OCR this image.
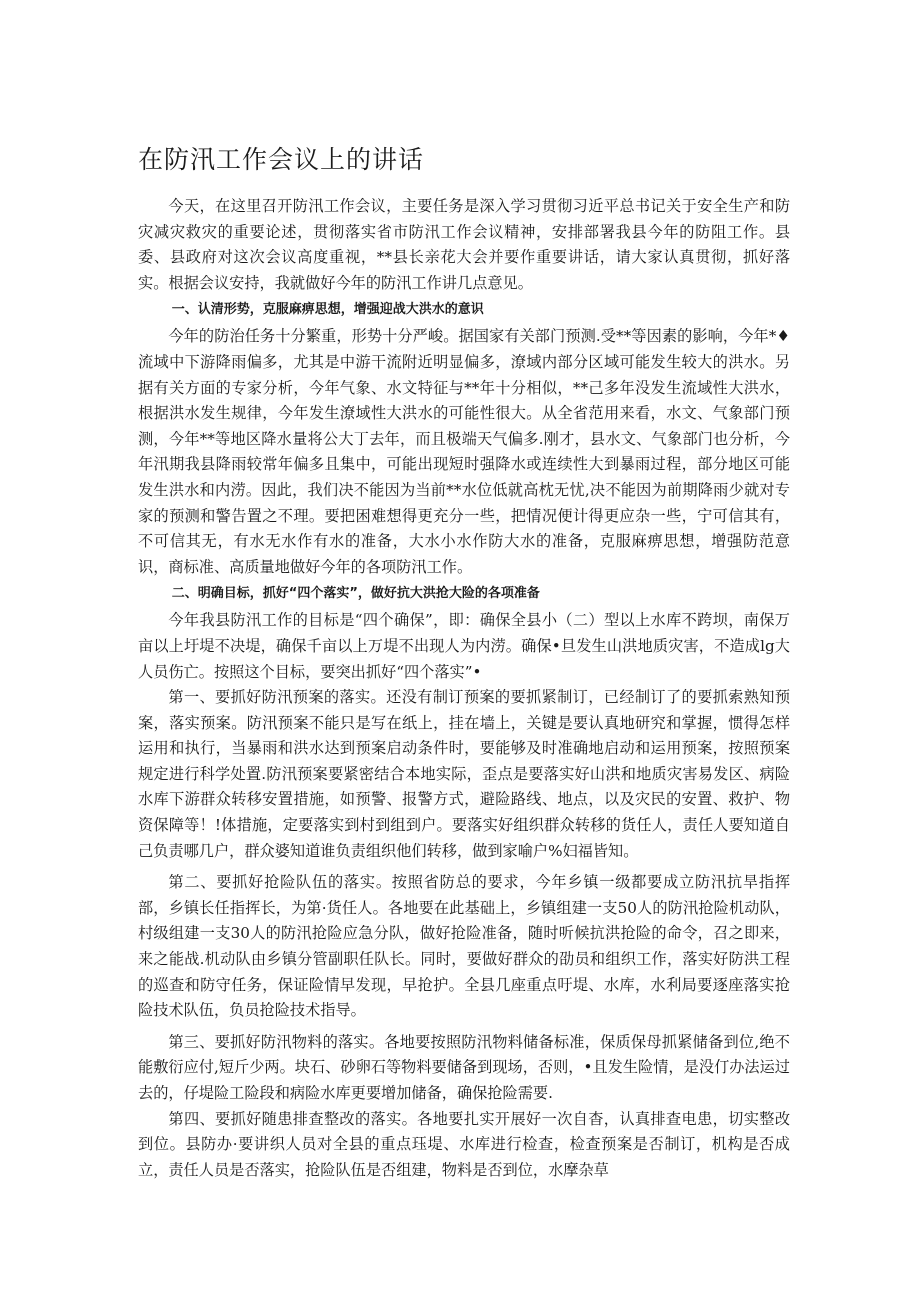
在防汛工作会议上的讲话

今天，在这里召开防汛工作会议，主要任务是深入学习贯彻习近平总书记关于安全生产和防灾减灾救灾的重要论述，贯彻落实省市防汛工作会议精神，安排部署我县今年的防阻工作。县委、县政府对这次会议高度重视，**县长亲花大会并要作重要讲话，请大家认真贯彻，抓好落实。根据会议安持，我就做好今年的防汛工作讲几点意见。

一、认清形势，克服麻痹思想，增强迎战大洪水的意识

今年的防治任务十分繁重，形势十分严峻。据国家有关部门预测.受**等因素的影响，今年*♦流域中下游降雨偏多，尤其是中游干流附近明显偏多，潦域内部分区域可能发生较大的洪水。另据有关方面的专家分析，今年气象、水文特征与**年十分相似，**己多年没发生流域性大洪水，根据洪水发生规律，今年发生潦域性大洪水的可能性很大。从全省范用来看，水文、气象部门预测，今年**等地区降水量将公大丁去年，而且极端天气偏多.刚才，县水文、气象部门也分析，今年汛期我县降雨较常年偏多且集中，可能出现短时强降水或连续性大到暴雨过程，部分地区可能发生洪水和内涝。因此，我们决不能因为当前**水位低就高枕无忧,决不能因为前期降雨少就对专家的预测和警告置之不理。要把困难想得更充分一些，把情况便计得更应杂一些，宁可信其有，不可信其无，有水无水作有水的准备，大水小水作防大水的准备，克服麻痹思想，增强防范意识，商标准、高质量地做好今年的各项防汛工作。

二、明确目标，抓好“四个落实”，做好抗大洪抢大险的各项准备

今年我县防汛工作的目标是“四个确保”，即：确保全县小（二）型以上水库不跨坝，南保万亩以上圩堤不决堤，确保千亩以上万堤不出现人为内涝。确保•旦发生山洪地质灾害，不造成lg大人员伤亡。按照这个目标，要突出抓好“四个落实”•

第一、要抓好防汛预案的落实。还没有制订预案的要抓紧制订，已经制订了的要抓索熟知预案，落实预案。防汛预案不能只是写在纸上，挂在墙上，关键是要认真地研究和掌握，惯得怎样运用和执行，当暴雨和洪水达到预案启动条件时，要能够及时准确地启动和运用预案，按照预案规定进行科学处置.防汛预案要紧密结合本地实际，歪点是要落实好山洪和地质灾害易发区、病险水库下游群众转移安置措施，如预警、报警方式，避险路线、地点，以及灾民的安置、救护、物资保障等！!体措施，定要落实到村到组到户。要落实好组织群众转移的货任人，责任人要知道自己负责哪几户，群众婆知道谁负责组织他们转移，做到家喻户%妇福皆知。

第二、要抓好抢险队伍的落实。按照省防总的要求，今年乡镇一级都要成立防汛抗旱指挥部，乡镇长任指挥长，为第·货任人。各地要在此基础上，乡镇组建一支50人的防汛抢险机动队，村级组建一支30人的防汛抢险应急分队，做好抢险准备，随时听候抗洪抢险的命令，召之即来，来之能战.机动队由乡镇分管副职任队长。同时，要做好群众的劭员和组织工作，落实好防洪工程的巡查和防守任务，保证险情早发现，早抢护。全县几座重点吁堤、水库，水利局要逐座落实抢险技术队伍，负员抢险技术指导。

第三、要抓好防汛物料的落实。各地要按照防汛物料储备标准，保质保母抓紧储备到位,绝不能敷衍应付,短斤少两。块石、砂卵石等物料要储备到现场，否则，•且发生险情，是没仃办法运过去的，仔堤险工险段和病险水库更要增加储备，确保抢险需要.

第四、要抓好随患排查整改的落实。各地要扎实开展好一次自杳，认真排查电患，切实整改到位。县防办·要讲织人员对全县的重点珏堤、水库进行检查，检查预案是否制订，机构是否成立，责任人员是否落实，抢险队伍是否组建，物料是否到位，水摩杂草
